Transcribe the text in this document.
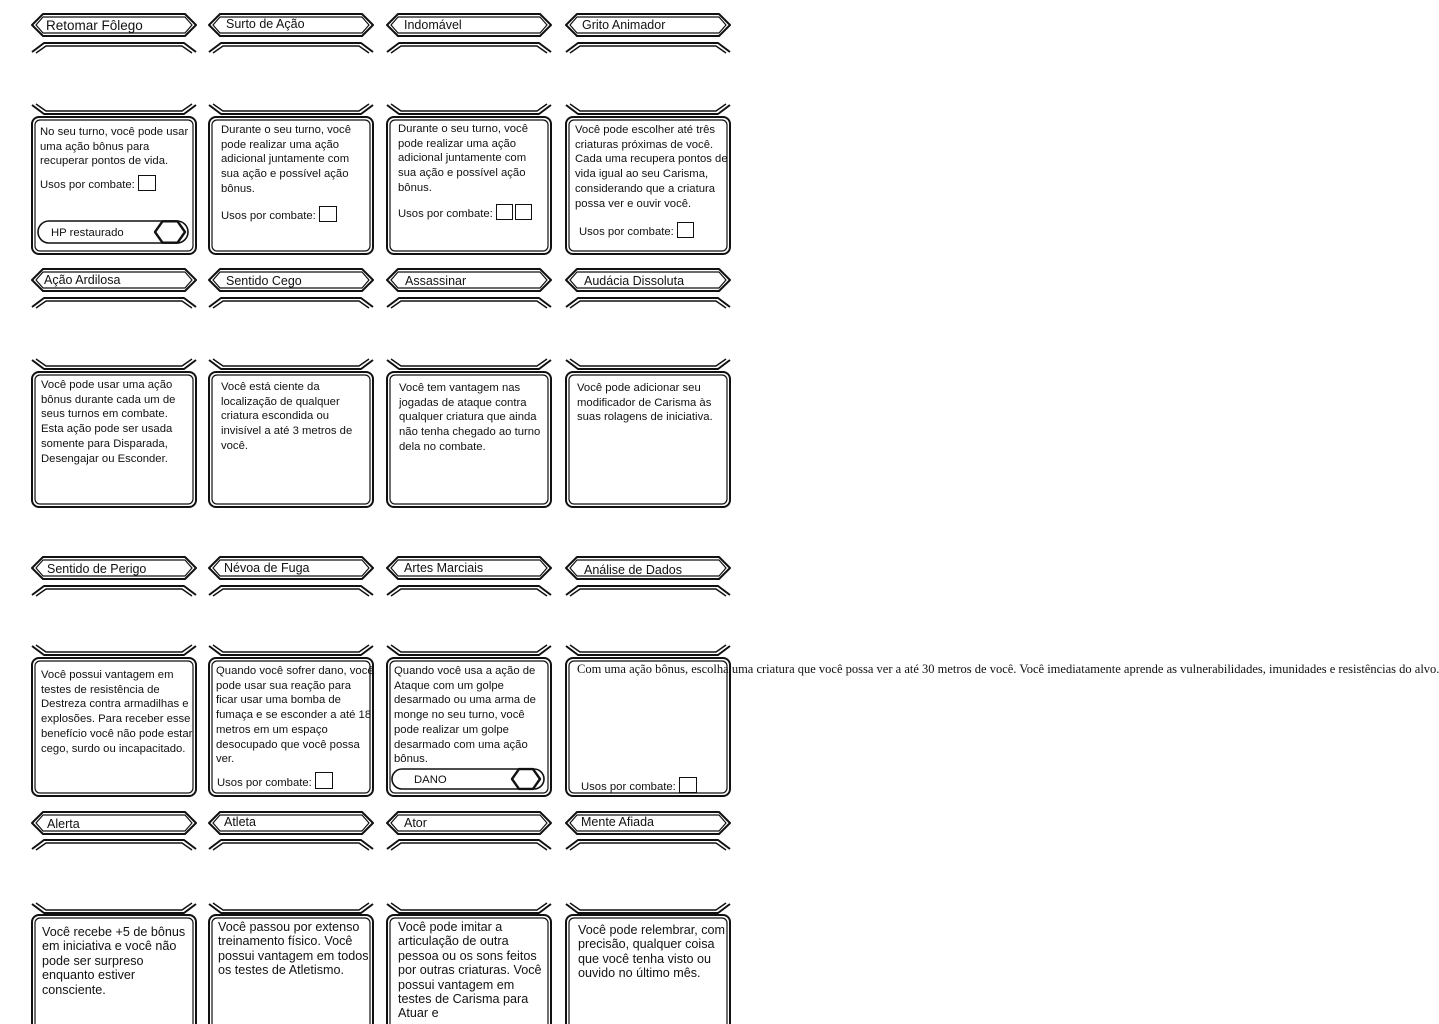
Retomar Fôlego	Surto de Ação	Indomável	Grito Animador
No seu turno, você pode usar uma ação bônus para recuperar pontos de vida.
Usos por combate:
HP restaurado
Durante o seu turno, você pode realizar uma ação adicional juntamente com sua ação e possível ação bônus.
Usos por combate:
Durante o seu turno, você pode realizar uma ação adicional juntamente com sua ação e possível ação bônus.
Usos por combate:
Você pode escolher até três criaturas próximas de você. Cada uma recupera pontos de vida igual ao seu Carisma, considerando que a criatura possa ver e ouvir você.
Usos por combate:
Ação Ardilosa	Sentido Cego	Assassinar	Audácia Dissoluta
Você pode usar uma ação bônus durante cada um de seus turnos em combate. Esta ação pode ser usada somente para Disparada, Desengajar ou Esconder.
Você está ciente da localização de qualquer criatura escondida ou invisível a até 3 metros de você.
Você tem vantagem nas jogadas de ataque contra qualquer criatura que ainda não tenha chegado ao turno dela no combate.
Você pode adicionar seu modificador de Carisma às suas rolagens de iniciativa.
Sentido de Perigo	Névoa de Fuga	Artes Marciais	Análise de Dados
Você possui vantagem em testes de resistência de Destreza contra armadilhas e explosões. Para receber esse benefício você não pode estar cego, surdo ou incapacitado.
Quando você sofrer dano, você pode usar sua reação para ficar usar uma bomba de fumaça e se esconder a até 18 metros em um espaço desocupado que você possa ver.
Usos por combate:
Quando você usa a ação de Ataque com um golpe desarmado ou uma arma de monge no seu turno, você pode realizar um golpe desarmado com uma ação bônus.
DANO
Com uma ação bônus, escolha uma criatura que você possa ver a até 30 metros de você. Você imediatamente aprende as vulnerabilidades, imunidades e resistências do alvo.
Usos por combate:
Alerta	Atleta	Ator	Mente Afiada
Você recebe +5 de bônus em iniciativa e você não pode ser surpreso enquanto estiver consciente.
Você passou por extenso treinamento físico. Você possui vantagem em todos os testes de Atletismo.
Você pode imitar a articulação de outra pessoa ou os sons feitos por outras criaturas. Você possui vantagem em testes de Carisma para Atuar e
Você pode relembrar, com precisão, qualquer coisa que você tenha visto ou ouvido no último mês.
